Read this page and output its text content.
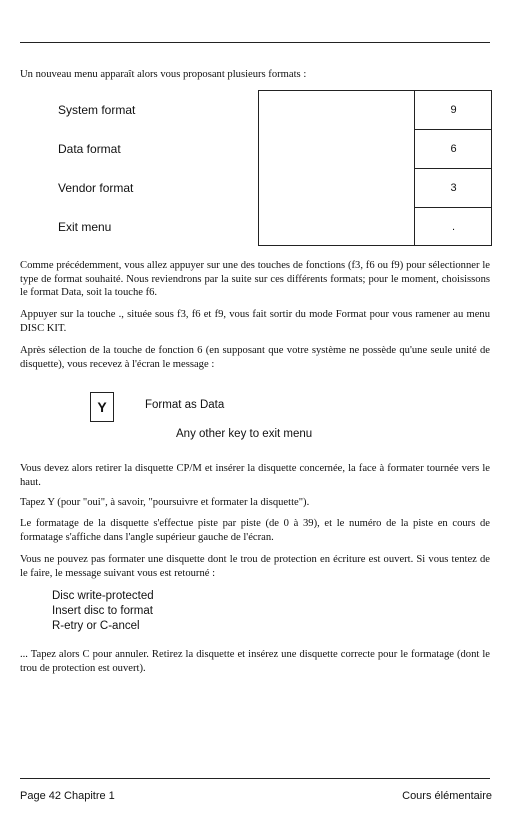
Un nouveau menu apparaît alors vous proposant plusieurs formats :

System format
Data format
Vendor format
Exit menu
9
6
3
.

Comme précédemment, vous allez appuyer sur une des touches de fonctions (f3, f6 ou f9) pour sélectionner le type de format souhaité. Nous reviendrons par la suite sur ces différents formats; pour le moment, choisissons le format Data, soit la touche f6.

Appuyer sur la touche ., située sous f3, f6 et f9, vous fait sortir du mode Format pour vous ramener au menu DISC KIT.

Après sélection de la touche de fonction 6 (en supposant que votre système ne possède qu'une seule unité de disquette), vous recevez à l'écran le message :

Y	Format as Data
Any other key to exit menu

Vous devez alors retirer la disquette CP/M et insérer la disquette concernée, la face à formater tournée vers le haut.

Tapez Y (pour "oui", à savoir, "poursuivre et formater la disquette").

Le formatage de la disquette s'effectue piste par piste (de 0 à 39), et le numéro de la piste en cours de formatage s'affiche dans l'angle supérieur gauche de l'écran.

Vous ne pouvez pas formater une disquette dont le trou de protection en écriture est ouvert. Si vous tentez de le faire, le message suivant vous est retourné :

Disc write-protected
Insert disc to format
R-etry or C-ancel

... Tapez alors C pour annuler. Retirez la disquette et insérez une disquette correcte pour le formatage (dont le trou de protection est ouvert).

Page 42 Chapitre 1	Cours élémentaire
